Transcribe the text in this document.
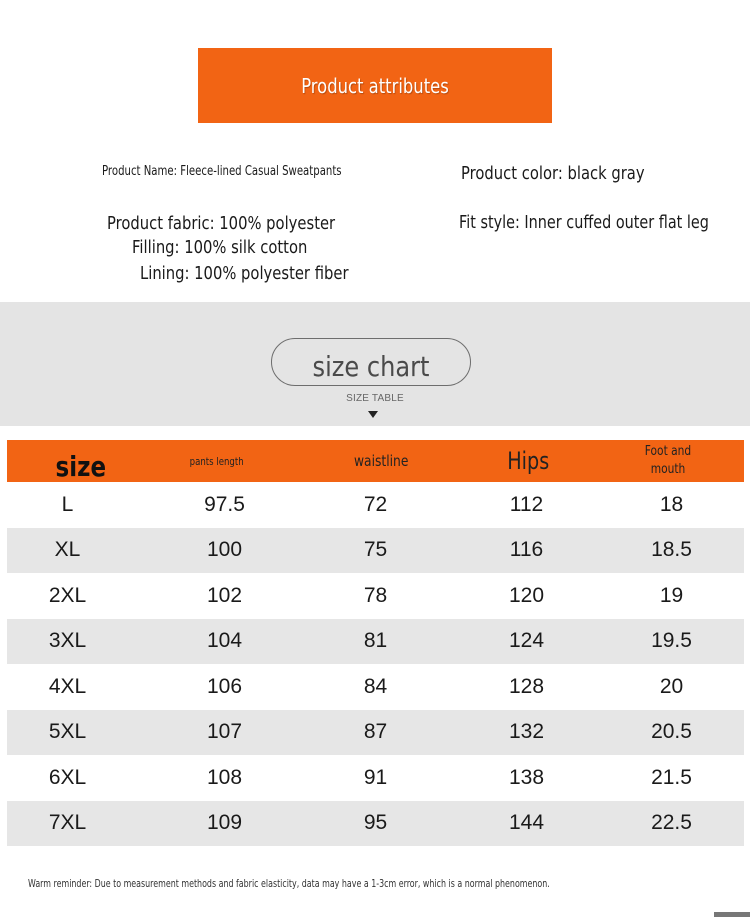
Product attributes
Product Name: Fleece-lined Casual Sweatpants	Product color: black gray
Product fabric: 100% polyester	Fit style: Inner cuffed outer flat leg
Filling: 100% silk cotton
Lining: 100% polyester fiber
size chart
SIZE TABLE
size	pants length	waistline	Hips	Foot and mouth
L	97.5	72	112	18
XL	100	75	116	18.5
2XL	102	78	120	19
3XL	104	81	124	19.5
4XL	106	84	128	20
5XL	107	87	132	20.5
6XL	108	91	138	21.5
7XL	109	95	144	22.5
Warm reminder: Due to measurement methods and fabric elasticity, data may have a 1-3cm error, which is a normal phenomenon.
